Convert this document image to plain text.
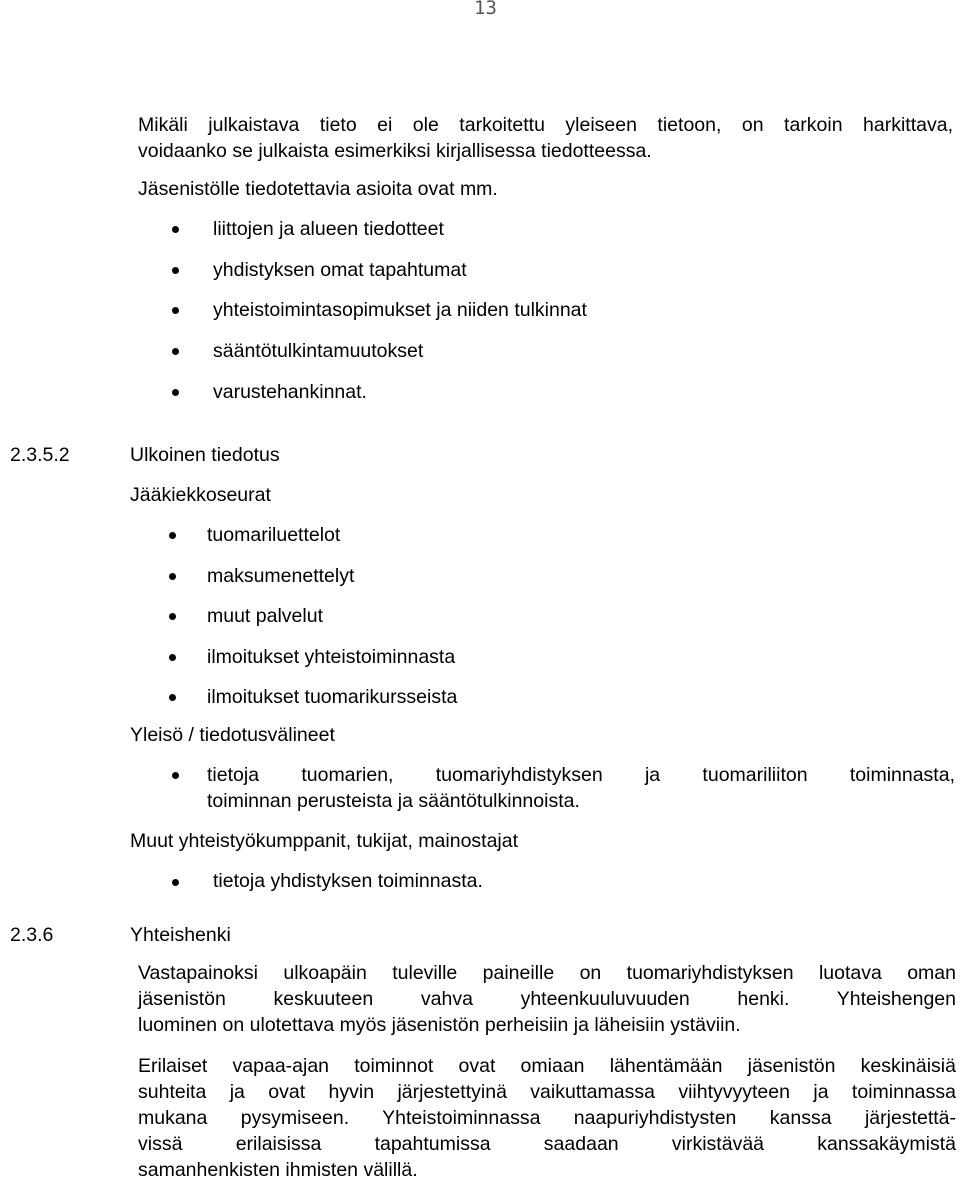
13
Mikäli julkaistava tieto ei ole tarkoitettu yleiseen tietoon, on tarkoin harkittava,
voidaanko se julkaista esimerkiksi kirjallisessa tiedotteessa.
Jäsenistölle tiedotettavia asioita ovat mm.
liittojen ja alueen tiedotteet
yhdistyksen omat tapahtumat
yhteistoimintasopimukset ja niiden tulkinnat
sääntötulkintamuutokset
varustehankinnat.
2.3.5.2	Ulkoinen tiedotus
Jääkiekkoseurat
tuomariluettelot
maksumenettelyt
muut palvelut
ilmoitukset yhteistoiminnasta
ilmoitukset tuomarikursseista
Yleisö / tiedotusvälineet
tietoja tuomarien, tuomariyhdistyksen ja tuomariliiton toiminnasta,
toiminnan perusteista ja sääntötulkinnoista.
Muut yhteistyökumppanit, tukijat, mainostajat
tietoja yhdistyksen toiminnasta.
2.3.6	Yhteishenki
Vastapainoksi ulkoapäin tuleville paineille on tuomariyhdistyksen luotava oman
jäsenistön keskuuteen vahva yhteenkuuluvuuden henki. Yhteishengen
luominen on ulotettava myös jäsenistön perheisiin ja läheisiin ystäviin.
Erilaiset vapaa-ajan toiminnot ovat omiaan lähentämään jäsenistön keskinäisiä
suhteita ja ovat hyvin järjestettyinä vaikuttamassa viihtyvyyteen ja toiminnassa
mukana pysymiseen. Yhteistoiminnassa naapuriyhdistysten kanssa järjestettä-
vissä erilaisissa tapahtumissa saadaan virkistävää kanssakäymistä
samanhenkisten ihmisten välillä.
